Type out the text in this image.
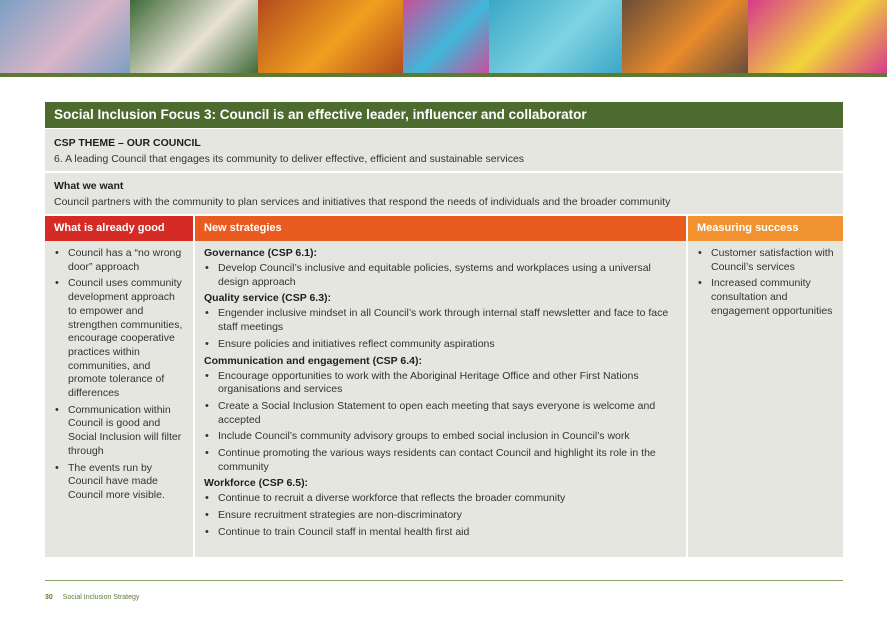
Social Inclusion Focus 3: Council is an effective leader, influencer and collaborator
CSP THEME – OUR COUNCIL
6. A leading Council that engages its community to deliver effective, efficient and sustainable services
What we want
Council partners with the community to plan services and initiatives that respond the needs of individuals and the broader community
What is already good
• Council has a “no wrong door” approach
• Council uses community development approach to empower and strengthen communities, encourage cooperative practices within communities, and promote tolerance of differences
• Communication within Council is good and Social Inclusion will filter through
• The events run by Council have made Council more visible.
New strategies
Governance (CSP 6.1):
• Develop Council’s inclusive and equitable policies, systems and workplaces using a universal design approach
Quality service (CSP 6.3):
• Engender inclusive mindset in all Council’s work through internal staff newsletter and face to face staff meetings
• Ensure policies and initiatives reflect community aspirations
Communication and engagement (CSP 6.4):
• Encourage opportunities to work with the Aboriginal Heritage Office and other First Nations organisations and services
• Create a Social Inclusion Statement to open each meeting that says everyone is welcome and accepted
• Include Council’s community advisory groups to embed social inclusion in Council’s work
• Continue promoting the various ways residents can contact Council and highlight its role in the community
Workforce (CSP 6.5):
• Continue to recruit a diverse workforce that reflects the broader community
• Ensure recruitment strategies are non-discriminatory
• Continue to train Council staff in mental health first aid
Measuring success
• Customer satisfaction with Council’s services
• Increased community consultation and engagement opportunities
30 Social Inclusion Strategy
